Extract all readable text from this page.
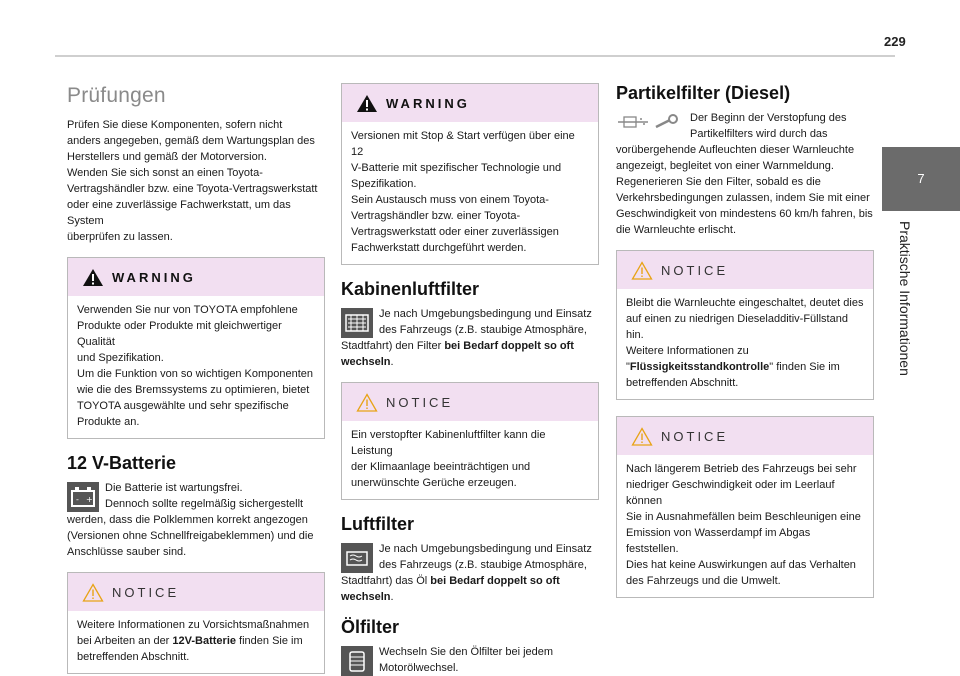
229
7
Praktische Informationen
Prüfungen

Prüfen Sie diese Komponenten, sofern nicht
anders angegeben, gemäß dem Wartungsplan des
Herstellers und gemäß der Motorversion.
Wenden Sie sich sonst an einen Toyota-
Vertragshändler bzw. eine Toyota-Vertragswerkstatt
oder eine zuverlässige Fachwerkstatt, um das System
überprüfen zu lassen.

WARNING

Verwenden Sie nur von TOYOTA empfohlene
Produkte oder Produkte mit gleichwertiger Qualität
und Spezifikation.
Um die Funktion von so wichtigen Komponenten
wie die des Bremssystems zu optimieren, bietet
TOYOTA ausgewählte und sehr spezifische
Produkte an.

12 V-Batterie

- +
Die Batterie ist wartungsfrei.
Dennoch sollte regelmäßig sichergestellt
werden, dass die Polklemmen korrekt angezogen
(Versionen ohne Schnellfreigabeklemmen) und die
Anschlüsse sauber sind.

NOTICE

Weitere Informationen zu Vorsichtsmaßnahmen
bei Arbeiten an der 12V-Batterie finden Sie im
betreffenden Abschnitt.

WARNING

Versionen mit Stop & Start verfügen über eine 12
V-Batterie mit spezifischer Technologie und
Spezifikation.
Sein Austausch muss von einem Toyota-
Vertragshändler bzw. einer Toyota-
Vertragswerkstatt oder einer zuverlässigen
Fachwerkstatt durchgeführt werden.

Kabinenluftfilter

Je nach Umgebungsbedingung und Einsatz
des Fahrzeugs (z.B. staubige Atmosphäre,
Stadtfahrt) den Filter bei Bedarf doppelt so oft
wechseln.

NOTICE

Ein verstopfter Kabinenluftfilter kann die Leistung
der Klimaanlage beeinträchtigen und
unerwünschte Gerüche erzeugen.

Luftfilter

Je nach Umgebungsbedingung und Einsatz
des Fahrzeugs (z.B. staubige Atmosphäre,
Stadtfahrt) das Öl bei Bedarf doppelt so oft
wechseln.

Ölfilter

Wechseln Sie den Ölfilter bei jedem
Motorölwechsel.

Partikelfilter (Diesel)

Der Beginn der Verstopfung des
Partikelfilters wird durch das
vorübergehende Aufleuchten dieser Warnleuchte
angezeigt, begleitet von einer Warnmeldung.
Regenerieren Sie den Filter, sobald es die
Verkehrsbedingungen zulassen, indem Sie mit einer
Geschwindigkeit von mindestens 60 km/h fahren, bis
die Warnleuchte erlischt.

NOTICE

Bleibt die Warnleuchte eingeschaltet, deutet dies
auf einen zu niedrigen Dieseladditiv-Füllstand hin.
Weitere Informationen zu
"Flüssigkeitsstandkontrolle" finden Sie im
betreffenden Abschnitt.

NOTICE

Nach längerem Betrieb des Fahrzeugs bei sehr
niedriger Geschwindigkeit oder im Leerlauf können
Sie in Ausnahmefällen beim Beschleunigen eine
Emission von Wasserdampf im Abgas feststellen.
Dies hat keine Auswirkungen auf das Verhalten
des Fahrzeugs und die Umwelt.
